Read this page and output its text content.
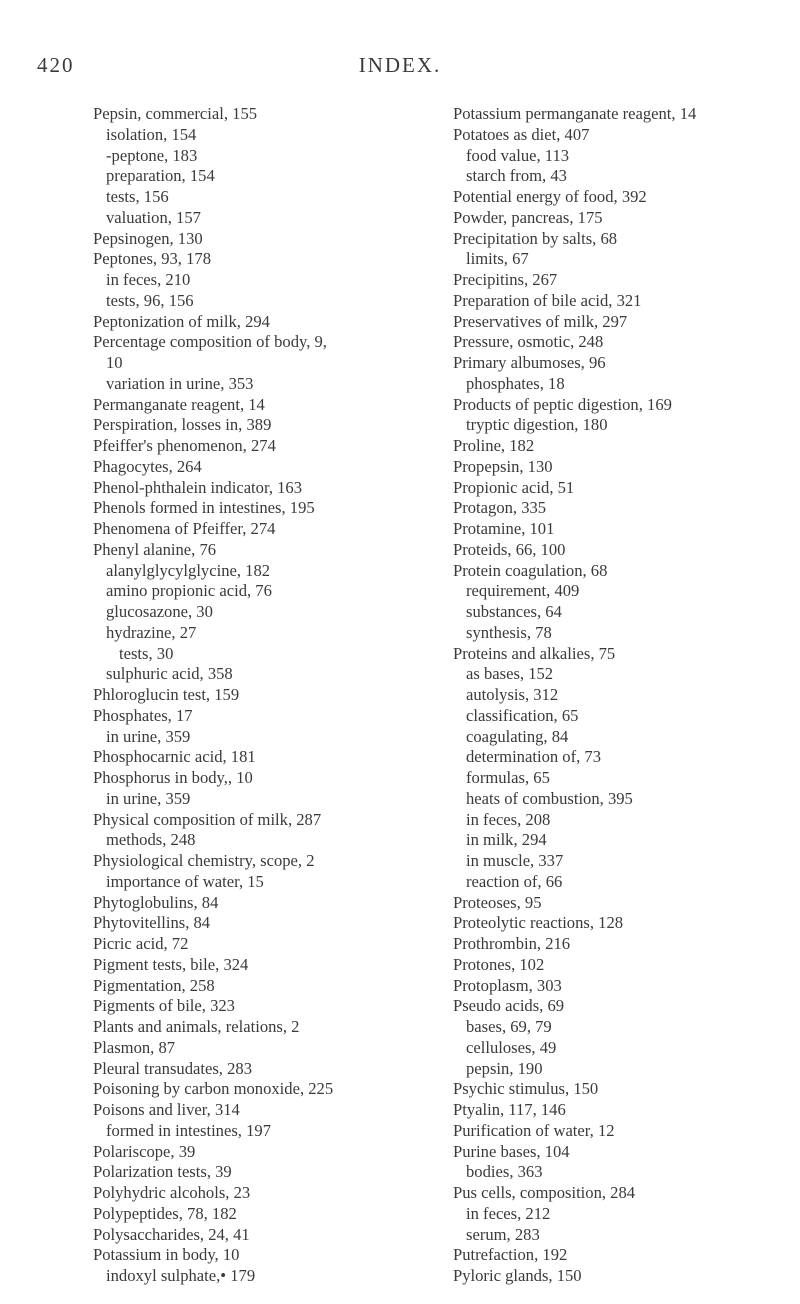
420	INDEX.
Pepsin, commercial, 155
isolation, 154
-peptone, 183
preparation, 154
tests, 156
valuation, 157
Pepsinogen, 130
Peptones, 93, 178
in feces, 210
tests, 96, 156
Peptonization of milk, 294
Percentage composition of body, 9,
10
variation in urine, 353
Permanganate reagent, 14
Perspiration, losses in, 389
Pfeiffer's phenomenon, 274
Phagocytes, 264
Phenol-phthalein indicator, 163
Phenols formed in intestines, 195
Phenomena of Pfeiffer, 274
Phenyl alanine, 76
alanylglycylglycine, 182
amino propionic acid, 76
glucosazone, 30
hydrazine, 27
tests, 30
sulphuric acid, 358
Phloroglucin test, 159
Phosphates, 17
in urine, 359
Phosphocarnic acid, 181
Phosphorus in body,, 10
in urine, 359
Physical composition of milk, 287
methods, 248
Physiological chemistry, scope, 2
importance of water, 15
Phytoglobulins, 84
Phytovitellins, 84
Picric acid, 72
Pigment tests, bile, 324
Pigmentation, 258
Pigments of bile, 323
Plants and animals, relations, 2
Plasmon, 87
Pleural transudates, 283
Poisoning by carbon monoxide, 225
Poisons and liver, 314
formed in intestines, 197
Polariscope, 39
Polarization tests, 39
Polyhydric alcohols, 23
Polypeptides, 78, 182
Polysaccharides, 24, 41
Potassium in body, 10
indoxyl sulphate,• 179
Potassium permanganate reagent, 14
Potatoes as diet, 407
food value, 113
starch from, 43
Potential energy of food, 392
Powder, pancreas, 175
Precipitation by salts, 68
limits, 67
Precipitins, 267
Preparation of bile acid, 321
Preservatives of milk, 297
Pressure, osmotic, 248
Primary albumoses, 96
phosphates, 18
Products of peptic digestion, 169
tryptic digestion, 180
Proline, 182
Propepsin, 130
Propionic acid, 51
Protagon, 335
Protamine, 101
Proteids, 66, 100
Protein coagulation, 68
requirement, 409
substances, 64
synthesis, 78
Proteins and alkalies, 75
as bases, 152
autolysis, 312
classification, 65
coagulating, 84
determination of, 73
formulas, 65
heats of combustion, 395
in feces, 208
in milk, 294
in muscle, 337
reaction of, 66
Proteoses, 95
Proteolytic reactions, 128
Prothrombin, 216
Protones, 102
Protoplasm, 303
Pseudo acids, 69
bases, 69, 79
celluloses, 49
pepsin, 190
Psychic stimulus, 150
Ptyalin, 117, 146
Purification of water, 12
Purine bases, 104
bodies, 363
Pus cells, composition, 284
in feces, 212
serum, 283
Putrefaction, 192
Pyloric glands, 150
